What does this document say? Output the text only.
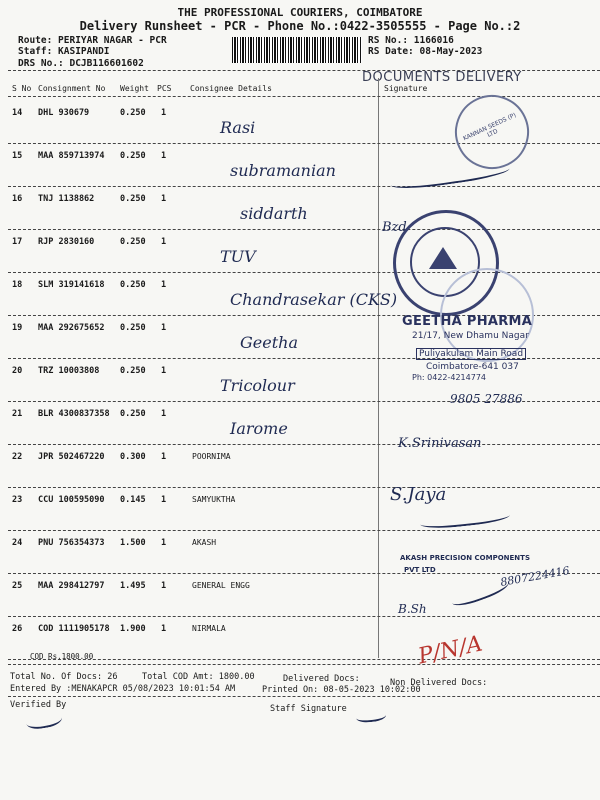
THE PROFESSIONAL COURIERS, COIMBATORE
Delivery Runsheet - PCR - Phone No.:0422-3505555 - Page No.:2
Route: PERIYAR NAGAR - PCR
Staff: KASIPANDI
DRS No.: DCJB116601602
RS No.: 1166016
RS Date: 08-May-2023
DOCUMENTS DELIVERY
S No Consignment No Weight PCS Consignee Details	Signature
14 DHL 930679	0.250 1
Rasi
15 MAA 859713974 0.250 1
subramanian
16 TNJ 1138862	0.250 1
siddarth
17 RJP 2830160	0.250 1
TUV
18 SLM 319141618 0.250 1
Chandrasekar (CKS)
19 MAA 292675652 0.250 1
Geetha
20 TRZ 10003808 0.250 1
Tricolour
21 BLR 4300837358 0.250 1
Iarome
22 JPR 502467220 0.300 1	POORNIMA
23 CCU 100595090 0.145 1	SAMYUKTHA
24 PNU 756354373 1.500 1	AKASH
25 MAA 298412797 1.495 1	GENERAL ENGG
26 COD 1111905178 1.900 1	NIRMALA
KANNAN SEEDS (P) LTD
GEETHA PHARMA
21/17, New Dhamu Nagar
Puliyakulam Main Road
Coimbatore-641 037
Ph: 0422-4214774
AKASH PRECISION COMPONENTS
PVT LTD
Bzd
9805 27886
K.Srinivasan
S.Jaya
8807224416
B.Sh
P/N/A
COD Rs.1800.00
Total No. Of Docs: 26	Total COD Amt: 1800.00	Delivered Docs:	Non Delivered Docs:
Entered By :MENAKAPCR 05/08/2023 10:01:54 AM	Printed On: 08-05-2023 10:02:00
Verified By	Staff Signature
